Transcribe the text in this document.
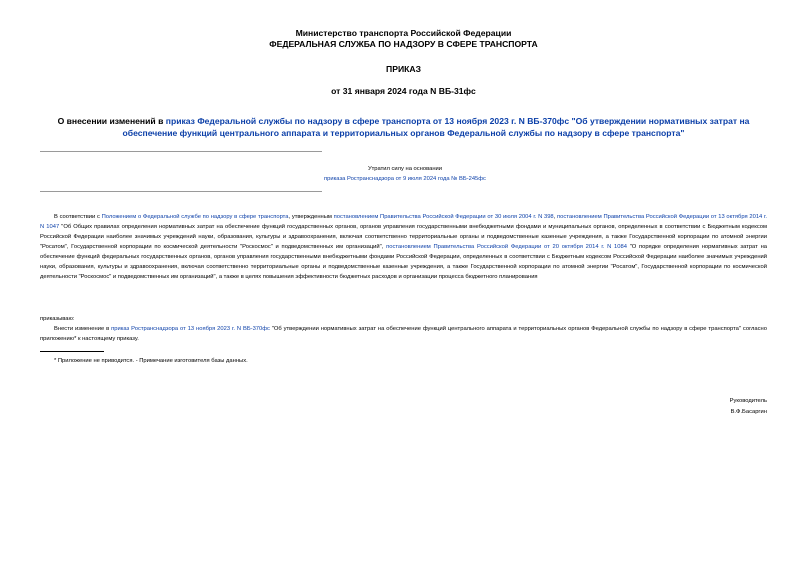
Министерство транспорта Российской Федерации
ФЕДЕРАЛЬНАЯ СЛУЖБА ПО НАДЗОРУ В СФЕРЕ ТРАНСПОРТА
ПРИКАЗ
от 31 января 2024 года N ВБ-31фс
О внесении изменений в приказ Федеральной службы по надзору в сфере транспорта от 13 ноября 2023 г. N ВБ-370фс "Об утверждении нормативных затрат на обеспечение функций центрального аппарата и территориальных органов Федеральной службы по надзору в сфере транспорта"
Утратил силу на основании
приказа Ространснадзора от 9 июля 2024 года № ВБ-245фс
В соответствии с Положением о Федеральной службе по надзору в сфере транспорта, утвержденным постановлением Правительства Российской Федерации от 30 июля 2004 г. N 398, постановлением Правительства Российской Федерации от 13 октября 2014 г. N 1047 "Об Общих правилах определения нормативных затрат на обеспечение функций государственных органов, органов управления государственными внебюджетными фондами и муниципальных органов, определенных в соответствии с Бюджетным кодексом Российской Федерации наиболее значимых учреждений науки, образования, культуры и здравоохранения, включая соответственно территориальные органы и подведомственные казенные учреждения, а также Государственной корпорации по атомной энергии "Росатом", Государственной корпорации по космической деятельности "Роскосмос" и подведомственных им организаций", постановлением Правительства Российской Федерации от 20 октября 2014 г. N 1084 "О порядке определения нормативных затрат на обеспечение функций федеральных государственных органов, органов управления государственными внебюджетными фондами Российской Федерации, определенных в соответствии с Бюджетным кодексом Российской Федерации наиболее значимых учреждений науки, образования, культуры и здравоохранения, включая соответственно территориальные органы и подведомственные казенные учреждения, а также Государственной корпорации по атомной энергии "Росатом", Государственной корпорации по космической деятельности "Роскосмос" и подведомственных им организаций", а также в целях повышения эффективности бюджетных расходов и организации процесса бюджетного планирования
приказываю:
Внести изменение в приказ Ространснадзора от 13 ноября 2023 г. N ВБ-370фс "Об утверждении нормативных затрат на обеспечение функций центрального аппарата и территориальных органов Федеральной службы по надзору в сфере транспорта" согласно приложению* к настоящему приказу.
* Приложение не приводится. - Примечание изготовителя базы данных.
Руководитель
В.Ф.Басаргин
